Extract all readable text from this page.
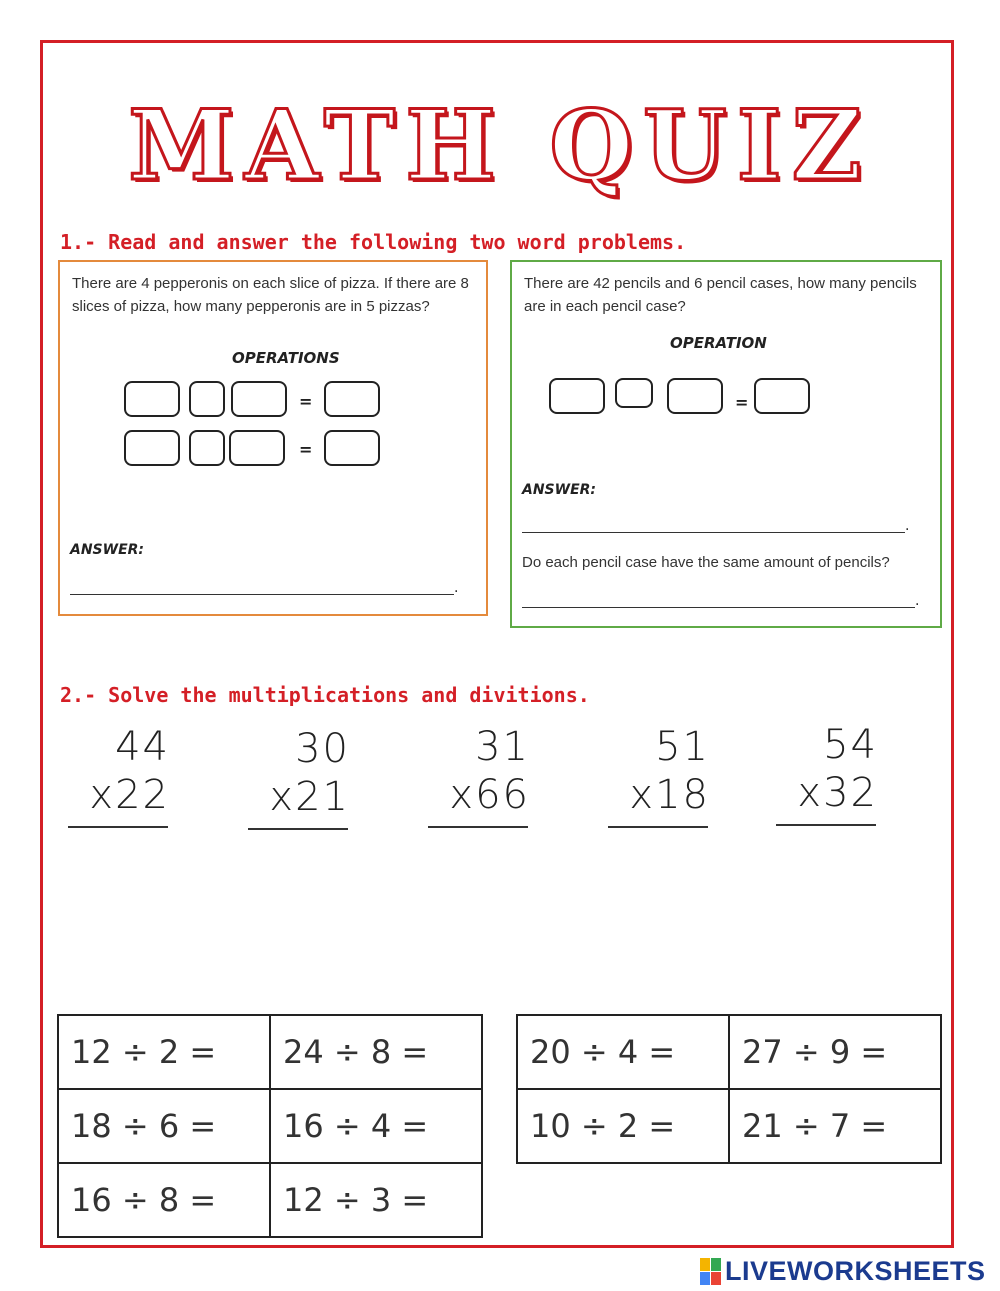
MATH QUIZ
1.- Read and answer the following two word problems.
There are 4 pepperonis on each slice of pizza. If there are 8 slices of pizza, how many pepperonis are in 5 pizzas?
OPERATIONS
=
=
ANSWER:
.
There are 42 pencils and 6 pencil cases, how many pencils are in each pencil case?
OPERATION
=
ANSWER:
.
Do each pencil case have the same amount of pencils?
.
2.- Solve the multiplications and divitions.
44
x22
30
x21
31
x66
51
x18
54
x32
12 ÷ 2 =	24 ÷ 8 =
18 ÷ 6 =	16 ÷ 4 =
16 ÷ 8 =	12 ÷ 3 =
20 ÷ 4 =	27 ÷ 9 =
10 ÷ 2 =	21 ÷ 7 =
LIVEWORKSHEETS
